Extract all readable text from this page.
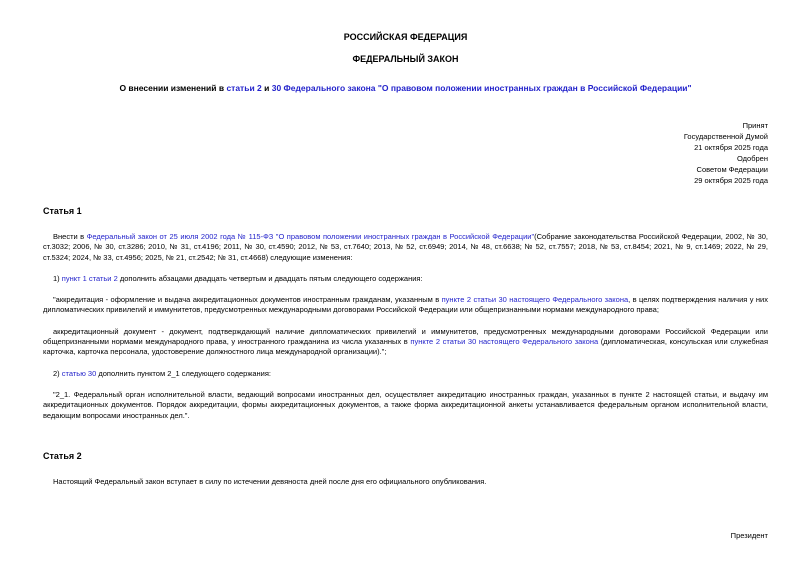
РОССИЙСКАЯ ФЕДЕРАЦИЯ
ФЕДЕРАЛЬНЫЙ ЗАКОН
О внесении изменений в статьи 2 и 30 Федерального закона "О правовом положении иностранных граждан в Российской Федерации"
Принят
Государственной Думой
21 октября 2025 года
Одобрен
Советом Федерации
29 октября 2025 года
Статья 1

Внести в Федеральный закон от 25 июля 2002 года № 115-ФЗ "О правовом положении иностранных граждан в Российской Федерации"(Собрание законодательства Российской Федерации, 2002, № 30, ст.3032; 2006, № 30, ст.3286; 2010, № 31, ст.4196; 2011, № 30, ст.4590; 2012, № 53, ст.7640; 2013, № 52, ст.6949; 2014, № 48, ст.6638; № 52, ст.7557; 2018, № 53, ст.8454; 2021, № 9, ст.1469; 2022, № 29, ст.5324; 2024, № 33, ст.4956; 2025, № 21, ст.2542; № 31, ст.4668) следующие изменения:

1) пункт 1 статьи 2 дополнить абзацами двадцать четвертым и двадцать пятым следующего содержания:

"аккредитация - оформление и выдача аккредитационных документов иностранным гражданам, указанным в пункте 2 статьи 30 настоящего Федерального закона, в целях подтверждения наличия у них дипломатических привилегий и иммунитетов, предусмотренных международными договорами Российской Федерации или общепризнанными нормами международного права;

аккредитационный документ - документ, подтверждающий наличие дипломатических привилегий и иммунитетов, предусмотренных международными договорами Российской Федерации или общепризнанными нормами международного права, у иностранного гражданина из числа указанных в пункте 2 статьи 30 настоящего Федерального закона (дипломатическая, консульская или служебная карточка, карточка персонала, удостоверение должностного лица международной организации).";

2) статью 30 дополнить пунктом 2_1 следующего содержания:

"2_1. Федеральный орган исполнительной власти, ведающий вопросами иностранных дел, осуществляет аккредитацию иностранных граждан, указанных в пункте 2 настоящей статьи, и выдачу им аккредитационных документов. Порядок аккредитации, формы аккредитационных документов, а также форма аккредитационной анкеты устанавливается федеральным органом исполнительной власти, ведающим вопросами иностранных дел.".

Статья 2

Настоящий Федеральный закон вступает в силу по истечении девяноста дней после дня его официального опубликования.

Президент
